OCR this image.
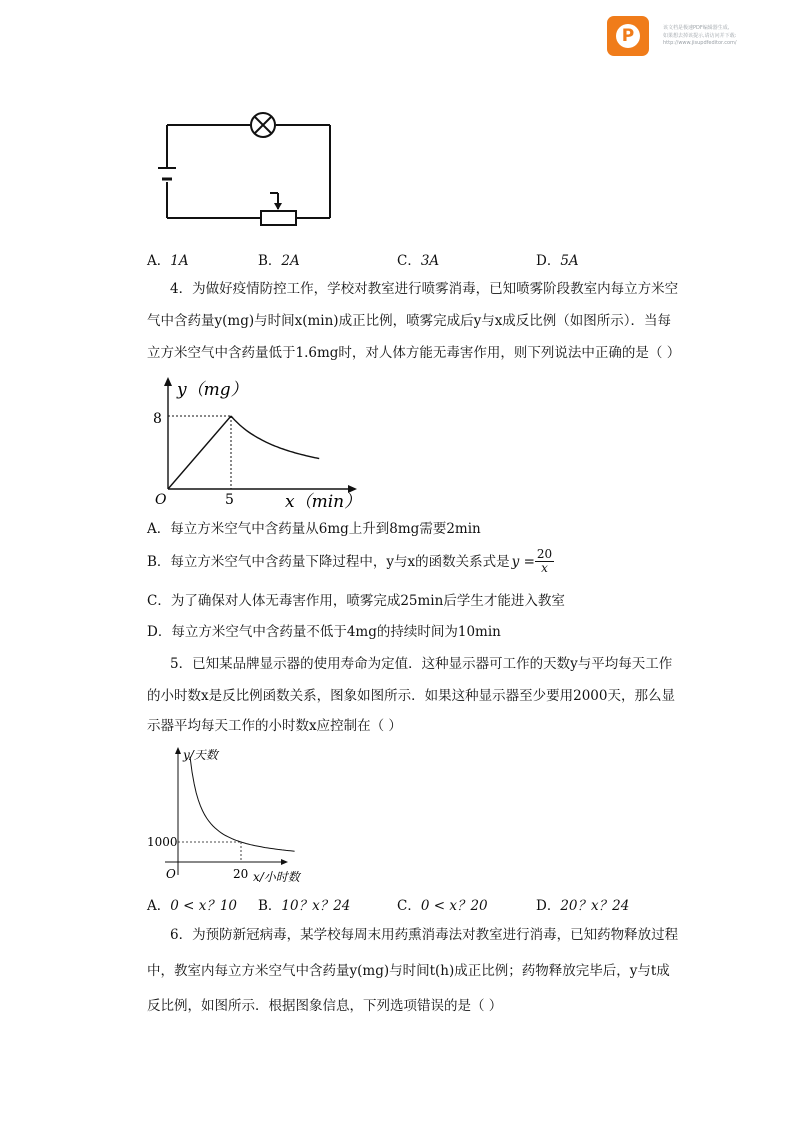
P	该文档是极速PDF编辑器生成,
如果想去掉该提示,请访问并下载:
http://www.jisupdfeditor.com/
A．1A	B．2A	C．3A	D．5A
4．为做好疫情防控工作，学校对教室进行喷雾消毒，已知喷雾阶段教室内每立方米空
气中含药量y(mg)与时间x(min)成正比例，喷雾完成后y与x成反比例（如图所示）．当每
立方米空气中含药量低于1.6mg时，对人体方能无毒害作用，则下列说法中正确的是（ ）
y（mg）
x（min）
8
5
O
A．每立方米空气中含药量从6mg上升到8mg需要2min
B．每立方米空气中含药量下降过程中，y与x的函数关系式是 $y = \frac{20}{x}$
C．为了确保对人体无毒害作用，喷雾完成25min后学生才能进入教室
D．每立方米空气中含药量不低于4mg的持续时间为10min
5．已知某品牌显示器的使用寿命为定值．这种显示器可工作的天数y与平均每天工作
的小时数x是反比例函数关系，图象如图所示．如果这种显示器至少要用2000天，那么显
示器平均每天工作的小时数x应控制在（ ）
y/天数
x/小时数
1000
20
O
A．0 < x？10 B．10？x？24	C．0 < x？20	D．20？x？24
6．为预防新冠病毒，某学校每周末用药熏消毒法对教室进行消毒，已知药物释放过程
中，教室内每立方米空气中含药量y(mg)与时间t(h)成正比例；药物释放完毕后，y与t成
反比例，如图所示．根据图象信息，下列选项错误的是（ ）
